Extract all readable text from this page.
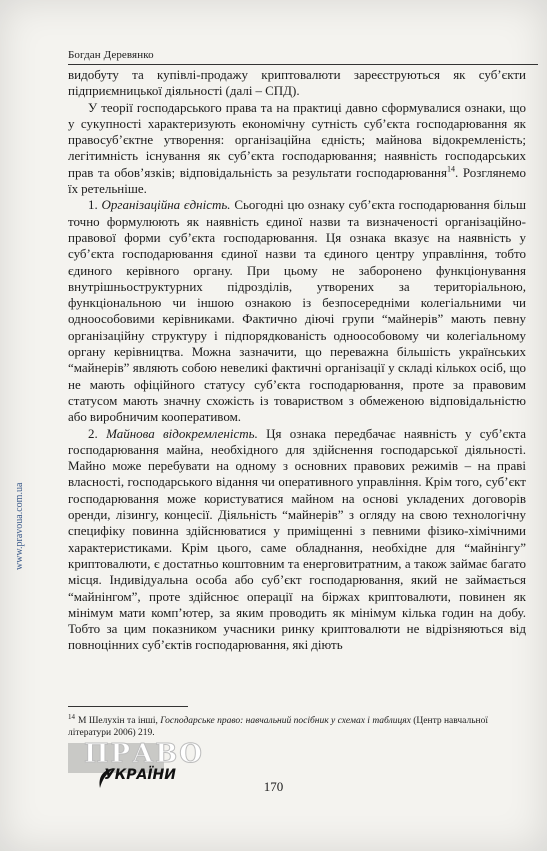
Богдан Деревянко

видобуту та купівлі-продажу криптовалюти зареєструються як суб’єкти підприємницької діяльності (далі – СПД).

У теорії господарського права та на практиці давно сформувалися ознаки, що у сукупності характеризують економічну сутність суб’єкта господарювання як правосуб’єктне утворення: організаційна єдність; майнова відокремленість; легітимність існування як суб’єкта господарювання; наявність господарських прав та обов’язків; відповідальність за результати господарювання$^{14}$. Розглянемо їх ретельніше.

1. Організаційна єдність. Сьогодні цю ознаку суб’єкта господарювання більш точно формулюють як наявність єдиної назви та визначеності організаційно-правової форми суб’єкта господарювання. Ця ознака вказує на наявність у суб’єкта господарювання єдиної назви та єдиного центру управління, тобто єдиного керівного органу. При цьому не заборонено функціонування внутрішньоструктурних підрозділів, утворених за територіальною, функціональною чи іншою ознакою із безпосередніми колегіальними чи одноособовими керівниками. Фактично діючі групи “майнерів” мають певну організаційну структуру і підпорядкованість одноособовому чи колегіальному органу керівництва. Можна зазначити, що переважна більшість українських “майнерів” являють собою невеликі фактичні організації у складі кількох осіб, що не мають офіційного статусу суб’єкта господарювання, проте за правовим статусом мають значну схожість із товариством з обмеженою відповідальністю або виробничим кооперативом.

2. Майнова відокремленість. Ця ознака передбачає наявність у суб’єкта господарювання майна, необхідного для здійснення господарської діяльності. Майно може перебувати на одному з основних правових режимів – на праві власності, господарського відання чи оперативного управління. Крім того, суб’єкт господарювання може користуватися майном на основі укладених договорів оренди, лізингу, концесії. Діяльність “майнерів” з огляду на свою технологічну специфіку повинна здійснюватися у приміщенні з певними фізико-хімічними характеристиками. Крім цього, саме обладнання, необхідне для “майнінгу” криптовалюти, є достатньо коштовним та енерговитратним, а також займає багато місця. Індивідуальна особа або суб’єкт господарювання, який не займається “майнінгом”, проте здійснює операції на біржах криптовалюти, повинен як мінімум мати комп’ютер, за яким проводить як мінімум кілька годин на добу. Тобто за цим показником учасники ринку криптовалюти не відрізняються від повноцінних суб’єктів господарювання, які діють

$^{14}$ М Шелухін та інші, Господарське право: навчальний посібник у схемах і таблицях (Центр навчальної літератури 2006) 219.
www.pravoua.com.ua
ПРАВО
УКРАЇНИ
170
